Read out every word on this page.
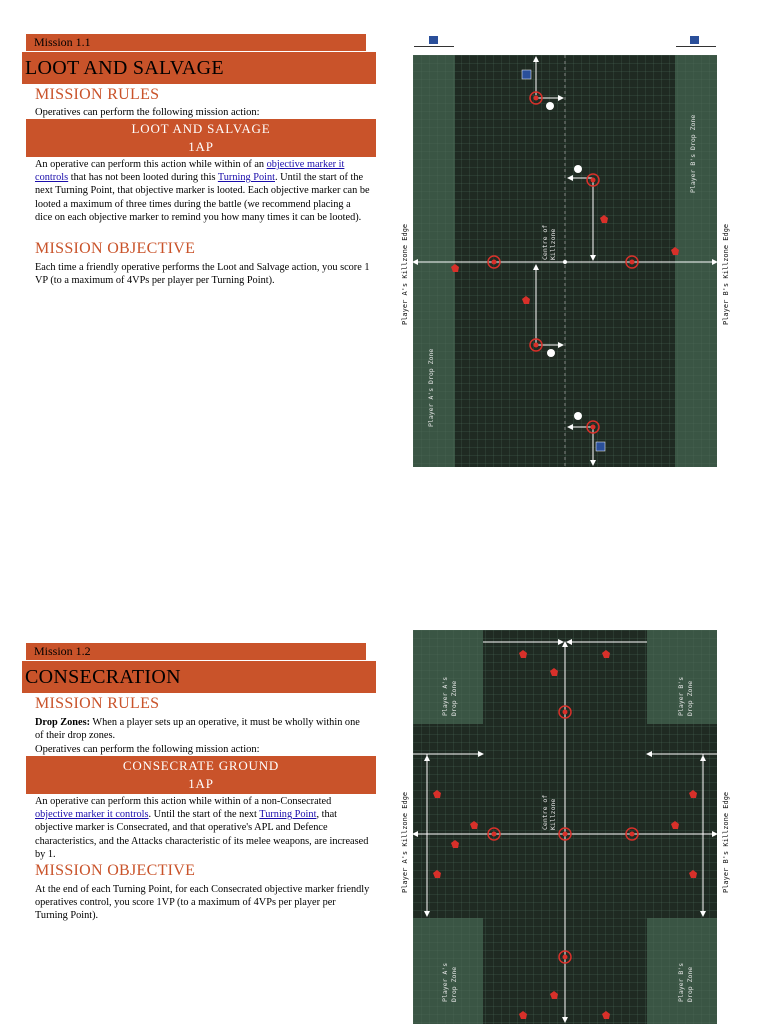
Mission 1.1
LOOT AND SALVAGE
MISSION RULES
Operatives can perform the following mission action:
LOOT AND SALVAGE
1AP
An operative can perform this action while within of an objective marker it controls that has not been looted during this Turning Point. Until the start of the next Turning Point, that objective marker is looted. Each objective marker can be looted a maximum of three times during the battle (we recommend placing a dice on each objective marker to remind you how many times it can be looted).
MISSION OBJECTIVE
Each time a friendly operative performs the Loot and Salvage action, you score 1 VP (to a maximum of 4VPs per player per Turning Point).
Centre of Killzone
Player A's Drop Zone
Player B's Drop Zone
Player A's Killzone Edge	Player B's Killzone Edge
Mission 1.2
CONSECRATION
MISSION RULES
Drop Zones: When a player sets up an operative, it must be wholly within one of their drop zones.
Operatives can perform the following mission action:
CONSECRATE GROUND
1AP
An operative can perform this action while within of a non-Consecrated objective marker it controls. Until the start of the next Turning Point, that objective marker is Consecrated, and that operative's APL and Defence characteristics, and the Attacks characteristic of its melee weapons, are increased by 1.
MISSION OBJECTIVE
At the end of each Turning Point, for each Consecrated objective marker friendly operatives control, you score 1VP (to a maximum of 4VPs per player per Turning Point).
Centre of Killzone
Player A's Drop Zone	Player B's Drop Zone
Player A's Drop Zone	Player B's Drop Zone
Player A's Killzone Edge	Player B's Killzone Edge
